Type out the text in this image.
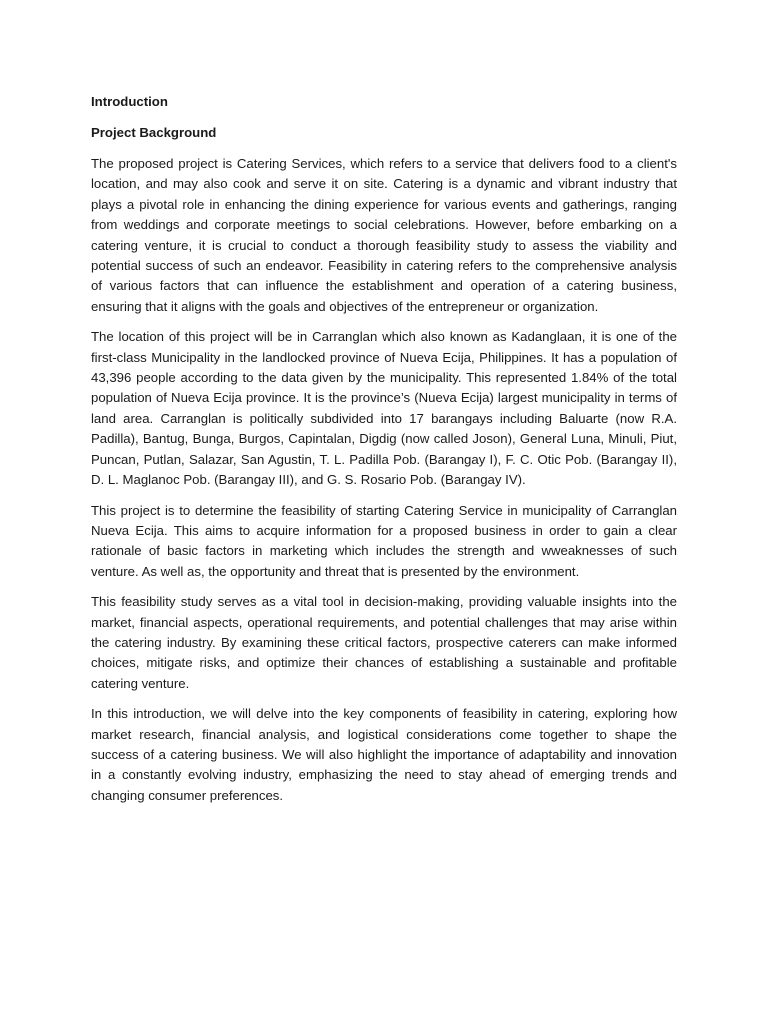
Introduction

Project Background

The proposed project is Catering Services, which refers to a service that delivers food to a client's location, and may also cook and serve it on site. Catering is a dynamic and vibrant industry that plays a pivotal role in enhancing the dining experience for various events and gatherings, ranging from weddings and corporate meetings to social celebrations. However, before embarking on a catering venture, it is crucial to conduct a thorough feasibility study to assess the viability and potential success of such an endeavor. Feasibility in catering refers to the comprehensive analysis of various factors that can influence the establishment and operation of a catering business, ensuring that it aligns with the goals and objectives of the entrepreneur or organization.

The location of this project will be in Carranglan which also known as Kadanglaan, it is one of the first-class Municipality in the landlocked province of Nueva Ecija, Philippines. It has a population of 43,396 people according to the data given by the municipality. This represented 1.84% of the total population of Nueva Ecija province. It is the province’s (Nueva Ecija) largest municipality in terms of land area. Carranglan is politically subdivided into 17 barangays including Baluarte (now R.A. Padilla), Bantug, Bunga, Burgos, Capintalan, Digdig (now called Joson), General Luna, Minuli, Piut, Puncan, Putlan, Salazar, San Agustin, T. L. Padilla Pob. (Barangay I), F. C. Otic Pob. (Barangay II), D. L. Maglanoc Pob. (Barangay III), and G. S. Rosario Pob. (Barangay IV).

This project is to determine the feasibility of starting Catering Service in municipality of Carranglan Nueva Ecija. This aims to acquire information for a proposed business in order to gain a clear rationale of basic factors in marketing which includes the strength and wweaknesses of such venture. As well as, the opportunity and threat that is presented by the environment.

This feasibility study serves as a vital tool in decision-making, providing valuable insights into the market, financial aspects, operational requirements, and potential challenges that may arise within the catering industry. By examining these critical factors, prospective caterers can make informed choices, mitigate risks, and optimize their chances of establishing a sustainable and profitable catering venture.

In this introduction, we will delve into the key components of feasibility in catering, exploring how market research, financial analysis, and logistical considerations come together to shape the success of a catering business. We will also highlight the importance of adaptability and innovation in a constantly evolving industry, emphasizing the need to stay ahead of emerging trends and changing consumer preferences.
